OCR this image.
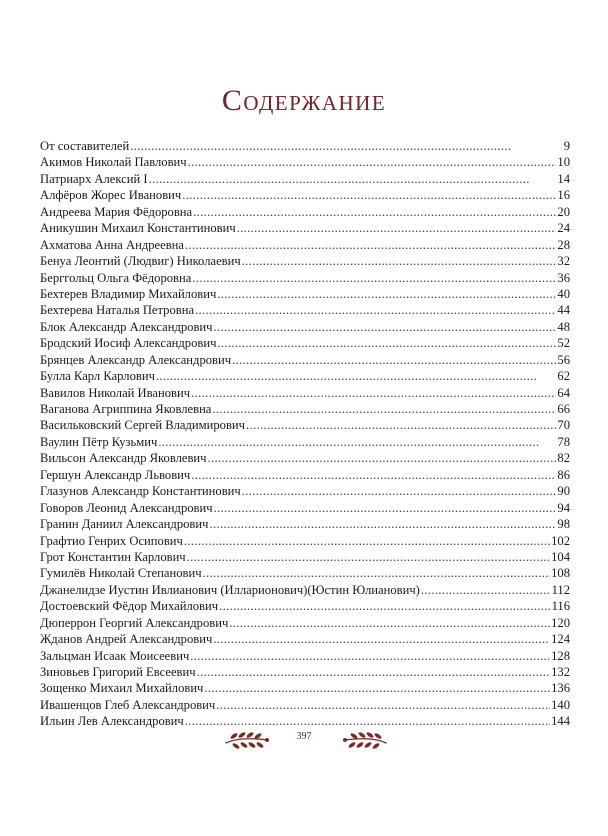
Содержание
От составителей . . .	9
Акимов Николай Павлович . . .	10
Патриарх Алексий I . . .	14
Алфёров Жорес Иванович . . .	16
Андреева Мария Фёдоровна . . .	20
Аникушин Михаил Константинович . . .	24
Ахматова Анна Андреевна . . .	28
Бенуа Леонтий (Людвиг) Николаевич . . .	32
Берггольц Ольга Фёдоровна . . .	36
Бехтерев Владимир Михайлович . . .	40
Бехтерева Наталья Петровна . . .	44
Блок Александр Александрович . . .	48
Бродский Иосиф Александрович . . .	52
Брянцев Александр Александрович . . .	56
Булла Карл Карлович . . .	62
Вавилов Николай Иванович . . .	64
Ваганова Агриппина Яковлевна . . .	66
Васильковский Сергей Владимирович . . .	70
Ваулин Пётр Кузьмич . . .	78
Вильсон Александр Яковлевич . . .	82
Гершун Александр Львович . . .	86
Глазунов Александр Константинович . . .	90
Говоров Леонид Александрович . . .	94
Гранин Даниил Александрович . . .	98
Графтио Генрих Осипович . . .	102
Грот Константин Карлович . . .	104
Гумилёв Николай Степанович . . .	108
Джанелидзе Иустин Ивлианович (Илларионович)(Юстин Юлианович) . . .	112
Достоевский Фёдор Михайлович . . .	116
Дюперрон Георгий Александрович . . .	120
Жданов Андрей Александрович . . .	124
Зальцман Исаак Моисеевич . . .	128
Зиновьев Григорий Евсеевич . . .	132
Зощенко Михаил Михайлович . . .	136
Ивашенцов Глеб Александрович . . .	140
Ильин Лев Александрович . . .	144
397
